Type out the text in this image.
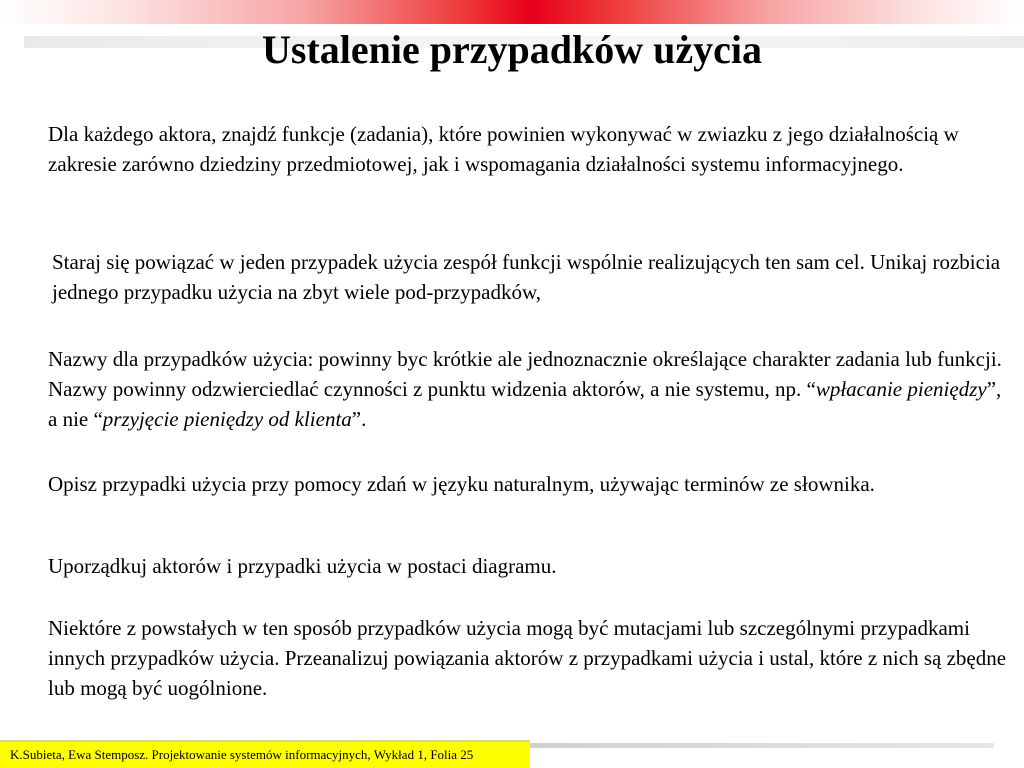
Ustalenie przypadków użycia

Dla każdego aktora, znajdź funkcje (zadania), które powinien wykonywać w zwiazku z jego działalnością w zakresie zarówno dziedziny przedmiotowej, jak i wspomagania działalności systemu informacyjnego.

Staraj się powiązać w jeden przypadek użycia zespół funkcji wspólnie realizujących ten sam cel. Unikaj rozbicia jednego przypadku użycia na zbyt wiele pod-przypadków,

Nazwy dla przypadków użycia: powinny byc krótkie ale jednoznacznie określające charakter zadania lub funkcji. Nazwy powinny odzwierciedlać czynności z punktu widzenia aktorów, a nie systemu, np. “wpłacanie pieniędzy”, a nie “przyjęcie pieniędzy od klienta”.

Opisz przypadki użycia przy pomocy zdań w języku naturalnym, używając terminów ze słownika.

Uporządkuj aktorów i przypadki użycia w postaci diagramu.

Niektóre z powstałych w ten sposób przypadków użycia mogą być mutacjami lub szczególnymi przypadkami innych przypadków użycia. Przeanalizuj powiązania aktorów z przypadkami użycia i ustal, które z nich są zbędne lub mogą być uogólnione.

K.Subieta, Ewa Stemposz. Projektowanie systemów informacyjnych, Wykład 1, Folia 25
